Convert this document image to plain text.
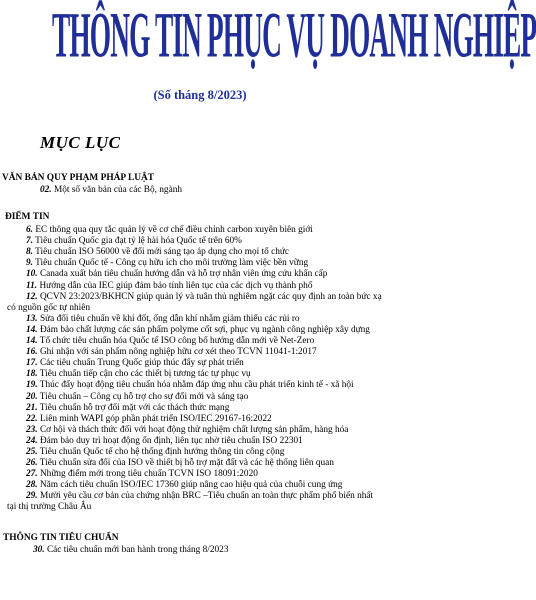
THÔNG TIN PHỤC VỤ DOANH NGHIỆP
(Số tháng 8/2023)
MỤC LỤC
VĂN BẢN QUY PHẠM PHÁP LUẬT
02. Một số văn bản của các Bộ, ngành
ĐIỂM TIN
6. EC thông qua quy tắc quản lý về cơ chế điều chỉnh carbon xuyên biên giới
7. Tiêu chuẩn Quốc gia đạt tỷ lệ hài hóa Quốc tế trên 60%
8. Tiêu chuẩn ISO 56000 về đổi mới sáng tạo áp dụng cho mọi tổ chức
9. Tiêu chuẩn Quốc tế - Công cụ hữu ích cho môi trường làm việc bền vững
10. Canada xuất bản tiêu chuẩn hướng dẫn và hỗ trợ nhân viên ứng cứu khẩn cấp
11. Hướng dẫn của IEC giúp đảm bảo tính liên tục của các dịch vụ thành phố
12. QCVN 23:2023/BKHCN giúp quản lý và tuân thủ nghiêm ngặt các quy định an toàn bức xạ
có nguồn gốc tự nhiên
13. Sửa đổi tiêu chuẩn về khí đốt, ống dẫn khí nhằm giảm thiểu các rủi ro
14. Đảm bảo chất lượng các sản phẩm polyme cốt sợi, phục vụ ngành công nghiệp xây dựng
14. Tổ chức tiêu chuẩn hóa Quốc tế ISO công bố hướng dẫn mới về Net-Zero
16. Ghi nhận với sản phẩm nông nghiệp hữu cơ xét theo TCVN 11041-1:2017
17. Các tiêu chuẩn Trung Quốc giúp thúc đẩy sự phát triển
18. Tiêu chuẩn tiếp cận cho các thiết bị tương tác tự phục vụ
19. Thúc đẩy hoạt động tiêu chuẩn hóa nhằm đáp ứng nhu cầu phát triển kinh tế - xã hội
20. Tiêu chuẩn – Công cụ hỗ trợ cho sự đổi mới và sáng tạo
21. Tiêu chuẩn hỗ trợ đối mặt với các thách thức mạng
22. Liên minh WAPI góp phần phát triển ISO/IEC 29167-16:2022
23. Cơ hội và thách thức đối với hoạt động thử nghiệm chất lượng sản phẩm, hàng hóa
24. Đảm bảo duy trì hoạt động ổn định, liên tục nhờ tiêu chuẩn ISO 22301
25. Tiêu chuẩn Quốc tế cho hệ thống định hướng thông tin công cộng
26. Tiêu chuẩn sửa đổi của ISO về thiết bị hỗ trợ mặt đất và các hệ thống liên quan
27. Những điểm mới trong tiêu chuẩn TCVN ISO 18091:2020
28. Năm cách tiêu chuẩn ISO/IEC 17360 giúp nâng cao hiệu quả của chuỗi cung ứng
29. Mười yêu cầu cơ bản của chứng nhận BRC –Tiêu chuẩn an toàn thực phẩm phổ biến nhất
tại thị trường Châu Âu
THÔNG TIN TIÊU CHUẨN
30. Các tiêu chuẩn mới ban hành trong tháng 8/2023
